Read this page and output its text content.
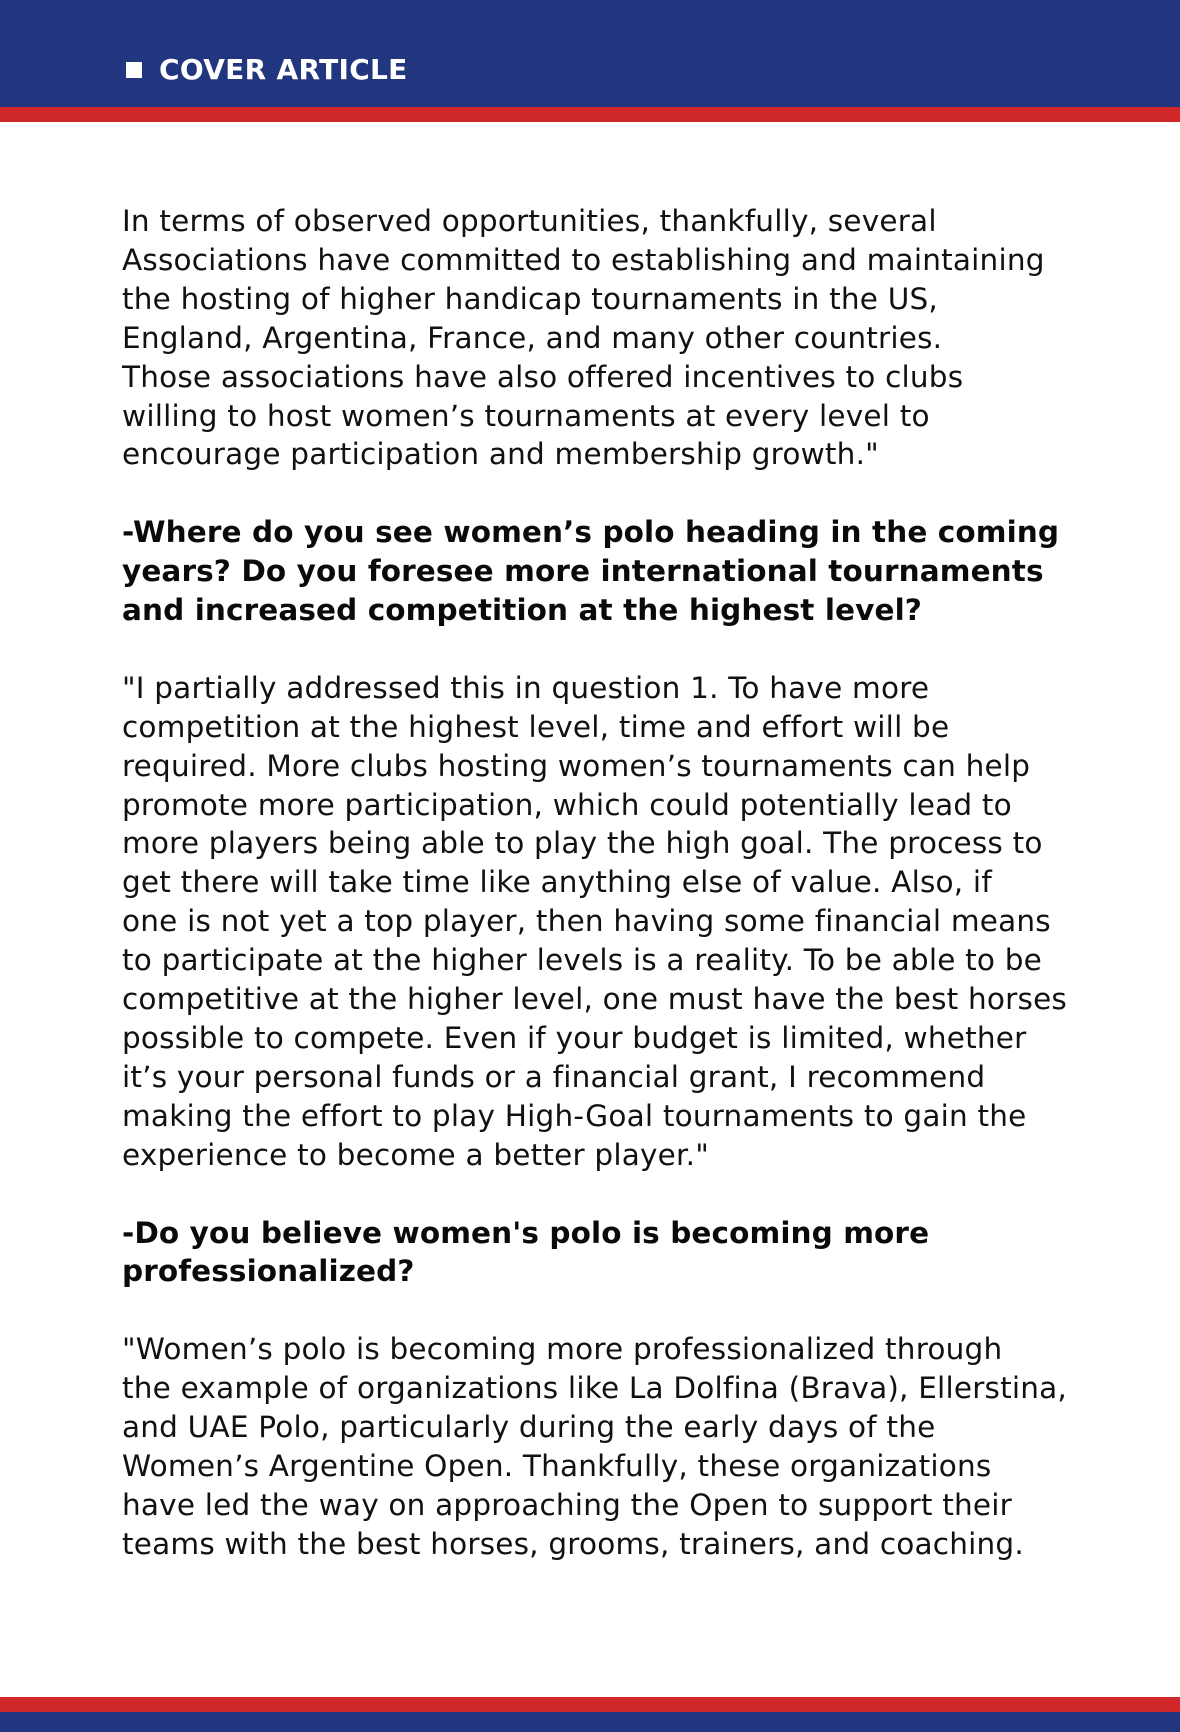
COVER ARTICLE

In terms of observed opportunities, thankfully, several
Associations have committed to establishing and maintaining
the hosting of higher handicap tournaments in the US,
England, Argentina, France, and many other countries.
Those associations have also offered incentives to clubs
willing to host women’s tournaments at every level to
encourage participation and membership growth."

-Where do you see women’s polo heading in the coming
years? Do you foresee more international tournaments
and increased competition at the highest level?

"I partially addressed this in question 1. To have more
competition at the highest level, time and effort will be
required. More clubs hosting women’s tournaments can help
promote more participation, which could potentially lead to
more players being able to play the high goal. The process to
get there will take time like anything else of value. Also, if
one is not yet a top player, then having some financial means
to participate at the higher levels is a reality. To be able to be
competitive at the higher level, one must have the best horses
possible to compete. Even if your budget is limited, whether
it’s your personal funds or a financial grant, I recommend
making the effort to play High-Goal tournaments to gain the
experience to become a better player."

-Do you believe women's polo is becoming more
professionalized?

"Women’s polo is becoming more professionalized through
the example of organizations like La Dolfina (Brava), Ellerstina,
and UAE Polo, particularly during the early days of the
Women’s Argentine Open. Thankfully, these organizations
have led the way on approaching the Open to support their
teams with the best horses, grooms, trainers, and coaching.
